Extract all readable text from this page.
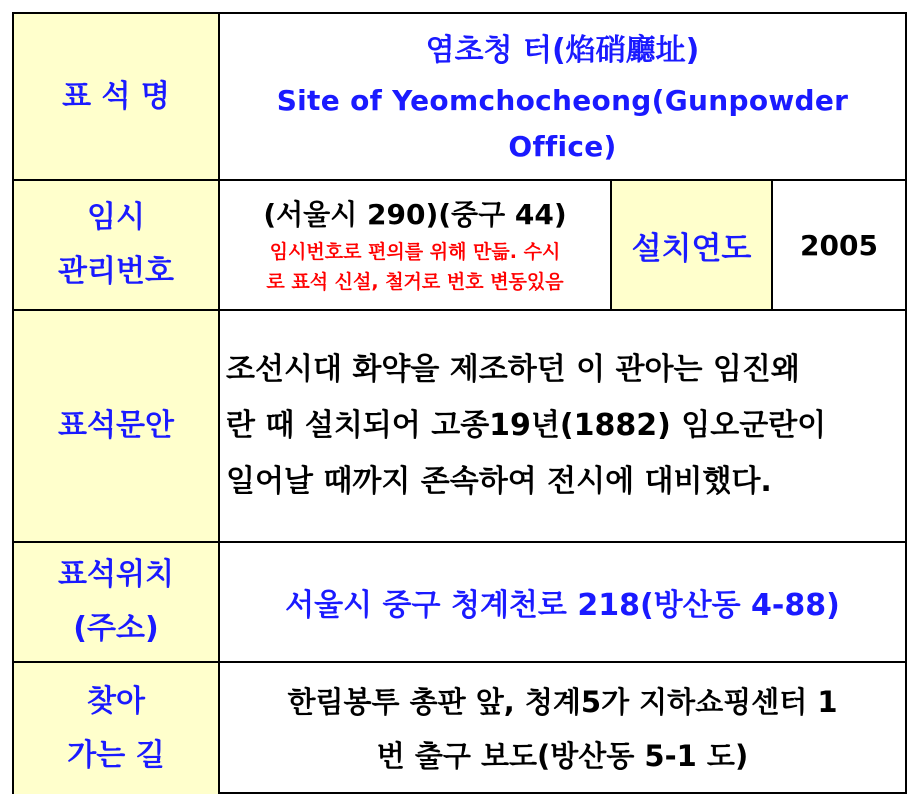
표 석 명
염초청 터(焰硝廳址)
Site of Yeomchocheong(Gunpowder Office)
임시
관리번호
(서울시 290)(중구 44)
임시번호로 편의를 위해 만듦. 수시
로 표석 신설, 철거로 번호 변동있음
설치연도 2005
표석문안
조선시대 화약을 제조하던 이 관아는 임진왜
란 때 설치되어 고종19년(1882) 임오군란이
일어날 때까지 존속하여 전시에 대비했다.
표석위치
(주소)
서울시 중구 청계천로 218(방산동 4-88)
찾아
가는 길
한림봉투 총판 앞, 청계5가 지하쇼핑센터 1
번 출구 보도(방산동 5-1 도)
